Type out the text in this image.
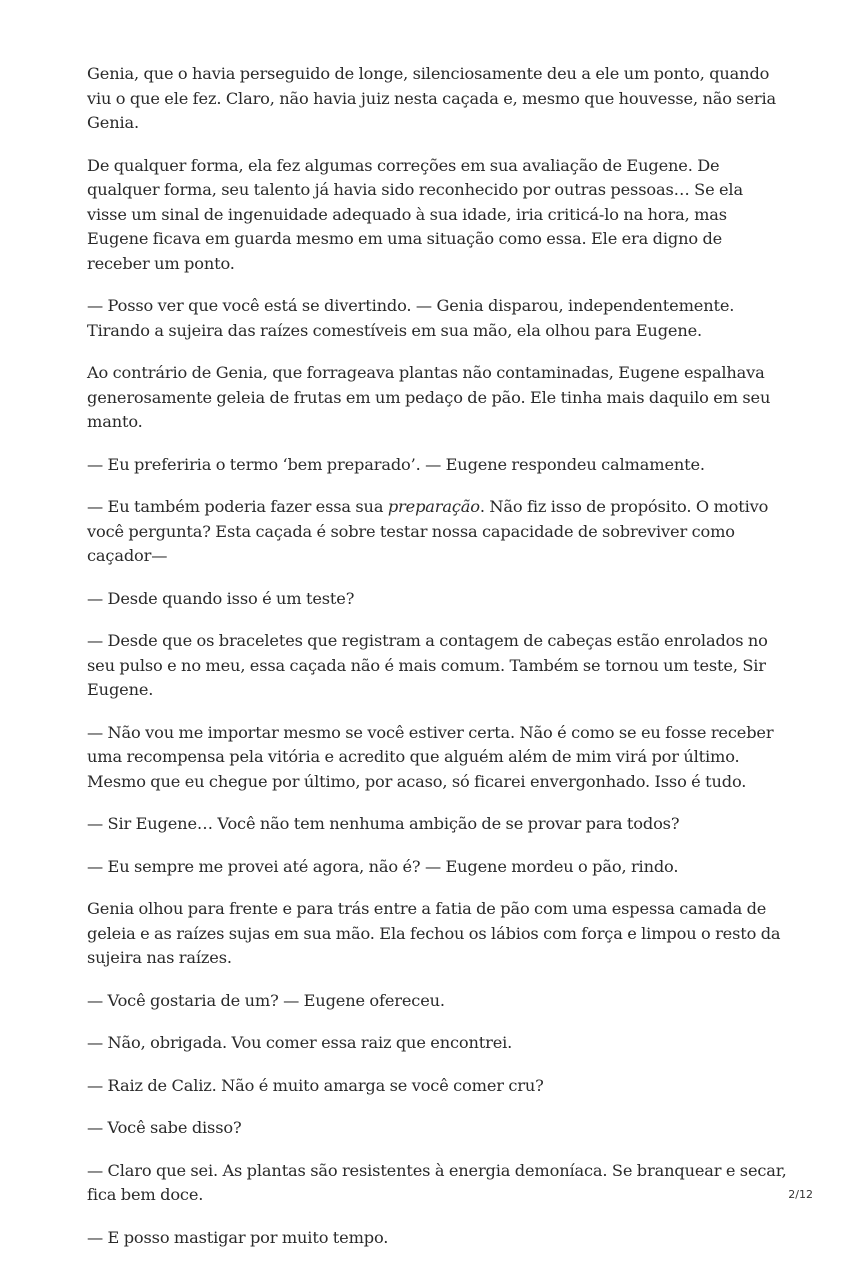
Genia, que o havia perseguido de longe, silenciosamente deu a ele um ponto, quando viu o que ele fez. Claro, não havia juiz nesta caçada e, mesmo que houvesse, não seria Genia.

De qualquer forma, ela fez algumas correções em sua avaliação de Eugene. De qualquer forma, seu talento já havia sido reconhecido por outras pessoas… Se ela visse um sinal de ingenuidade adequado à sua idade, iria criticá-lo na hora, mas Eugene ficava em guarda mesmo em uma situação como essa. Ele era digno de receber um ponto.

— Posso ver que você está se divertindo. — Genia disparou, independentemente. Tirando a sujeira das raízes comestíveis em sua mão, ela olhou para Eugene.

Ao contrário de Genia, que forrageava plantas não contaminadas, Eugene espalhava generosamente geleia de frutas em um pedaço de pão. Ele tinha mais daquilo em seu manto.

— Eu preferiria o termo ‘bem preparado’. — Eugene respondeu calmamente.

— Eu também poderia fazer essa sua preparação. Não fiz isso de propósito. O motivo você pergunta? Esta caçada é sobre testar nossa capacidade de sobreviver como caçador—

— Desde quando isso é um teste?

— Desde que os braceletes que registram a contagem de cabeças estão enrolados no seu pulso e no meu, essa caçada não é mais comum. Também se tornou um teste, Sir Eugene.

— Não vou me importar mesmo se você estiver certa. Não é como se eu fosse receber uma recompensa pela vitória e acredito que alguém além de mim virá por último. Mesmo que eu chegue por último, por acaso, só ficarei envergonhado. Isso é tudo.

— Sir Eugene… Você não tem nenhuma ambição de se provar para todos?

— Eu sempre me provei até agora, não é? — Eugene mordeu o pão, rindo.

Genia olhou para frente e para trás entre a fatia de pão com uma espessa camada de geleia e as raízes sujas em sua mão. Ela fechou os lábios com força e limpou o resto da sujeira nas raízes.

— Você gostaria de um? — Eugene ofereceu.

— Não, obrigada. Vou comer essa raiz que encontrei.

— Raiz de Caliz. Não é muito amarga se você comer cru?

— Você sabe disso?

— Claro que sei. As plantas são resistentes à energia demoníaca. Se branquear e secar, fica bem doce.

— E posso mastigar por muito tempo.

2/12
